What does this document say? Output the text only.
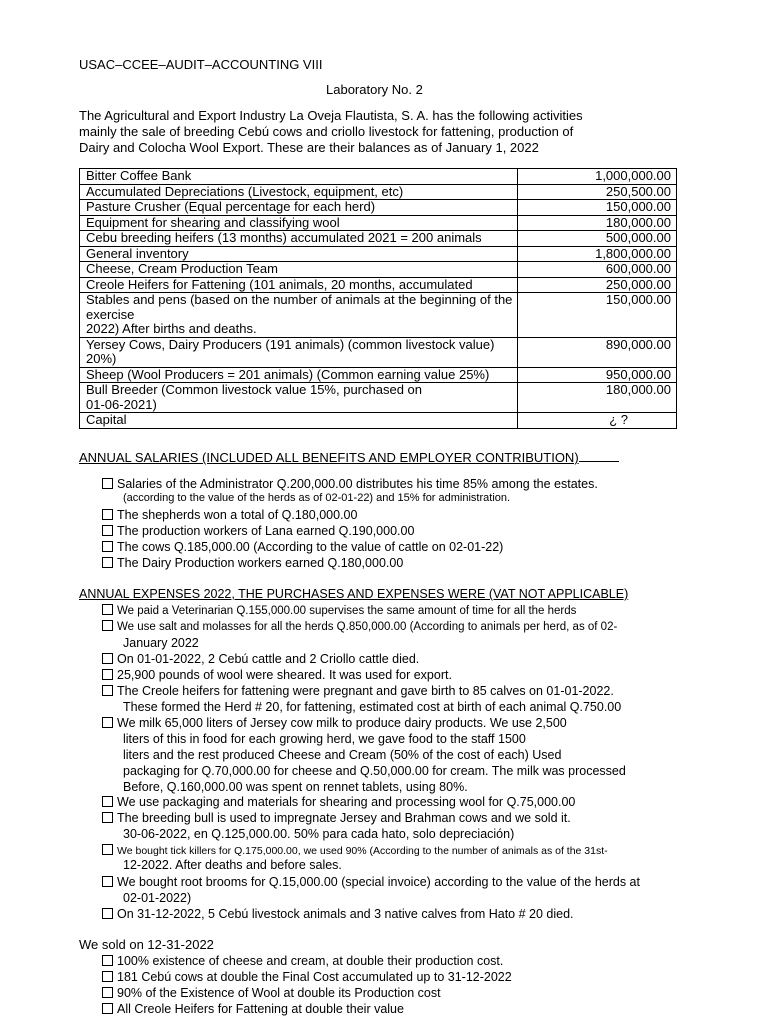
USAC–CCEE–AUDIT–ACCOUNTING VIII
Laboratory No. 2
The Agricultural and Export Industry La Oveja Flautista, S. A. has the following activities
mainly the sale of breeding Cebú cows and criollo livestock for fattening, production of
Dairy and Colocha Wool Export. These are their balances as of January 1, 2022
Bitter Coffee Bank	1,000,000.00

Accumulated Depreciations (Livestock, equipment, etc)	250,500.00

Pasture Crusher (Equal percentage for each herd)	150,000.00

Equipment for shearing and classifying wool	180,000.00

Cebu breeding heifers (13 months) accumulated 2021 = 200 animals	500,000.00

General inventory	1,800,000.00

Cheese, Cream Production Team	600,000.00

Creole Heifers for Fattening (101 animals, 20 months, accumulated	250,000.00

Stables and pens (based on the number of animals at the beginning of the exercise
2022) After births and deaths.	150,000.00

Yersey Cows, Dairy Producers (191 animals) (common livestock value)
20%)	890,000.00

Sheep (Wool Producers = 201 animals) (Common earning value 25%)	950,000.00

Bull Breeder (Common livestock value 15%, purchased on
01-06-2021)	180,000.00

Capital	¿ ?
ANNUAL SALARIES (INCLUDED ALL BENEFITS AND EMPLOYER CONTRIBUTION)
Salaries of the Administrator Q.200,000.00 distributes his time 85% among the estates.
(according to the value of the herds as of 02-01-22) and 15% for administration.
The shepherds won a total of Q.180,000.00
The production workers of Lana earned Q.190,000.00
The cows Q.185,000.00 (According to the value of cattle on 02-01-22)
The Dairy Production workers earned Q.180,000.00
ANNUAL EXPENSES 2022, THE PURCHASES AND EXPENSES WERE (VAT NOT APPLICABLE)
We paid a Veterinarian Q.155,000.00 supervises the same amount of time for all the herds
We use salt and molasses for all the herds Q.850,000.00 (According to animals per herd, as of 02-
January 2022
On 01-01-2022, 2 Cebú cattle and 2 Criollo cattle died.
25,900 pounds of wool were sheared. It was used for export.
The Creole heifers for fattening were pregnant and gave birth to 85 calves on 01-01-2022.
These formed the Herd # 20, for fattening, estimated cost at birth of each animal Q.750.00
We milk 65,000 liters of Jersey cow milk to produce dairy products. We use 2,500
liters of this in food for each growing herd, we gave food to the staff 1500
liters and the rest produced Cheese and Cream (50% of the cost of each) Used
packaging for Q.70,000.00 for cheese and Q.50,000.00 for cream. The milk was processed
Before, Q.160,000.00 was spent on rennet tablets, using 80%.
We use packaging and materials for shearing and processing wool for Q.75,000.00
The breeding bull is used to impregnate Jersey and Brahman cows and we sold it.
30-06-2022, en Q.125,000.00. 50% para cada hato, solo depreciación)
We bought tick killers for Q.175,000.00, we used 90% (According to the number of animals as of the 31st-
12-2022. After deaths and before sales.
We bought root brooms for Q.15,000.00 (special invoice) according to the value of the herds at
02-01-2022)
On 31-12-2022, 5 Cebú livestock animals and 3 native calves from Hato # 20 died.
We sold on 12-31-2022
100% existence of cheese and cream, at double their production cost.
181 Cebú cows at double the Final Cost accumulated up to 31-12-2022
90% of the Existence of Wool at double its Production cost
All Creole Heifers for Fattening at double their value
